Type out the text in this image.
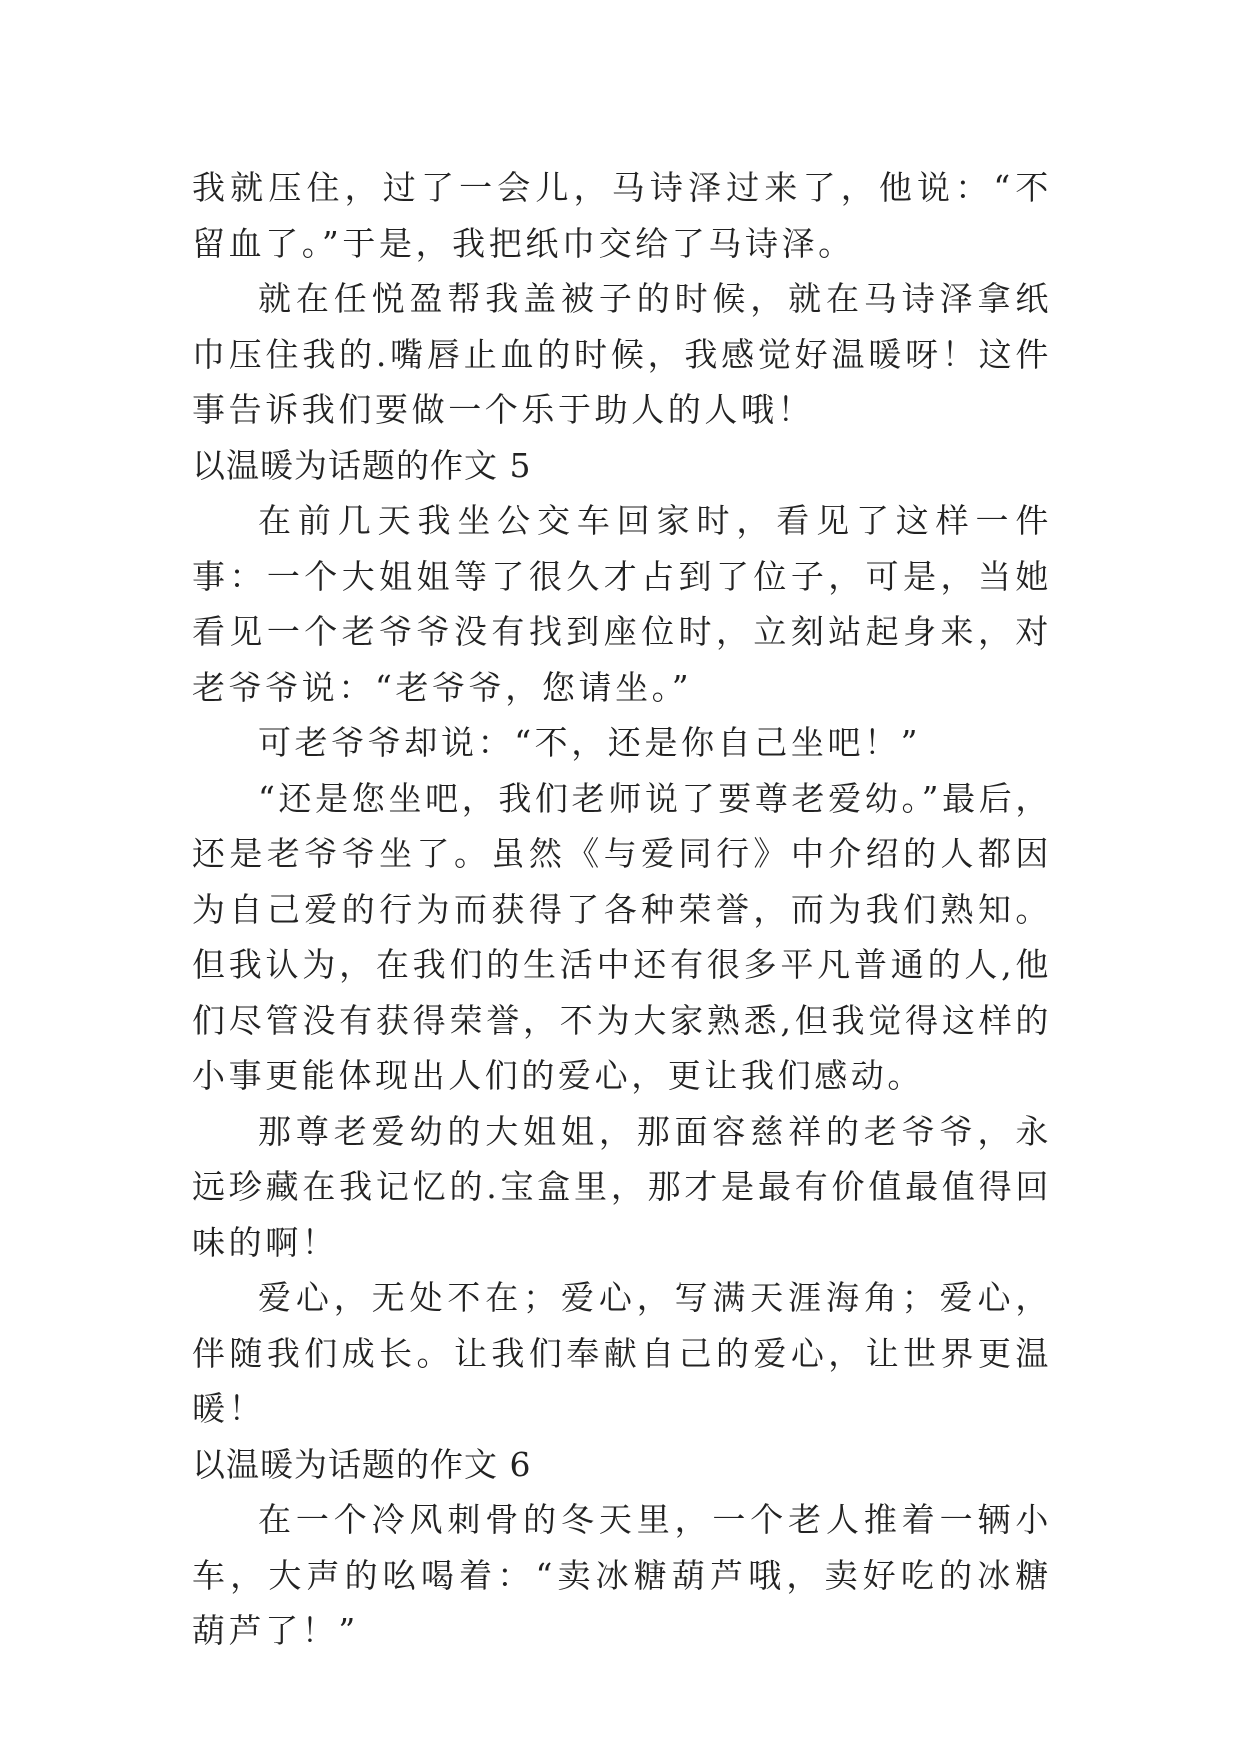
我就压住，过了一会儿，马诗泽过来了，他说：“不留血了。”于是，我把纸巾交给了马诗泽。

就在任悦盈帮我盖被子的时候，就在马诗泽拿纸巾压住我的.嘴唇止血的时候，我感觉好温暖呀！这件事告诉我们要做一个乐于助人的人哦！

以温暖为话题的作文 5

在前几天我坐公交车回家时，看见了这样一件事：一个大姐姐等了很久才占到了位子，可是，当她看见一个老爷爷没有找到座位时，立刻站起身来，对老爷爷说：“老爷爷，您请坐。”

可老爷爷却说：“不，还是你自己坐吧！”

“还是您坐吧，我们老师说了要尊老爱幼。”最后，还是老爷爷坐了。虽然《与爱同行》中介绍的人都因为自己爱的行为而获得了各种荣誉，而为我们熟知。但我认为，在我们的生活中还有很多平凡普通的人,他们尽管没有获得荣誉，不为大家熟悉,但我觉得这样的小事更能体现出人们的爱心，更让我们感动。

那尊老爱幼的大姐姐，那面容慈祥的老爷爷，永远珍藏在我记忆的.宝盒里，那才是最有价值最值得回味的啊！

爱心，无处不在；爱心，写满天涯海角；爱心，伴随我们成长。让我们奉献自己的爱心，让世界更温暖！

以温暖为话题的作文 6

在一个冷风刺骨的冬天里，一个老人推着一辆小车，大声的吆喝着：“卖冰糖葫芦哦，卖好吃的冰糖葫芦了！”
